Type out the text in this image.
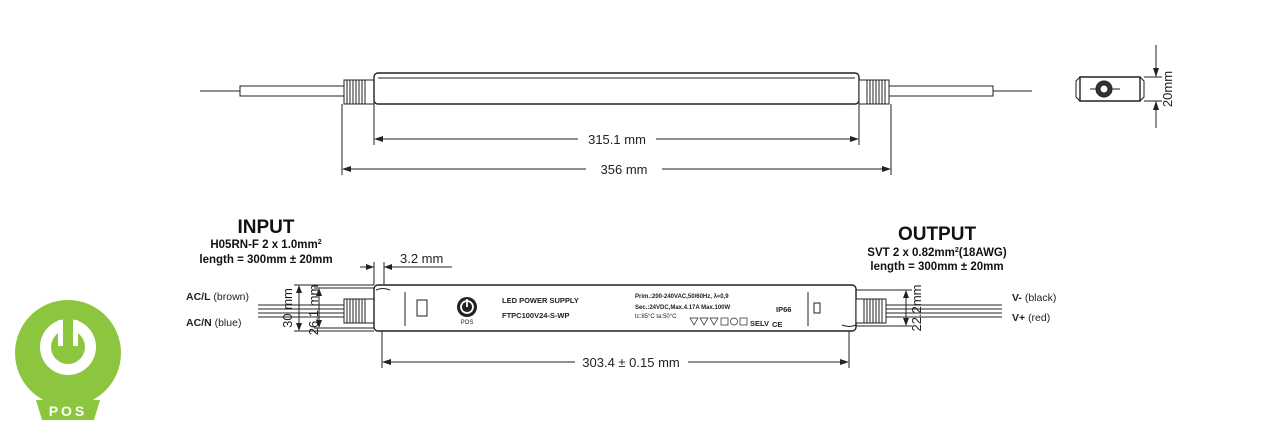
315.1 mm
356 mm
20mm
INPUT
H05RN-F 2 x $1.0mm^2$
length = 300mm ± 20mm
AC/L (brown)
AC/N (blue)
OUTPUT
SVT 2 x $0.82mm^2(18AWG)$
length = 300mm ± 20mm
V- (black)
V+ (red)
3.2 mm
30 mm 26.1 mm	22.2mm
303.4 ± 0.15 mm
POS
LED POWER SUPPLY
FTPC100V24-S-WP
Prim.:200-240VAC,50/60Hz, λ≈0,9
Sec.:24VDC,Max.4.17A Max.100W
tc:85°C ta:50°C
IP66
SELV CE
POS
